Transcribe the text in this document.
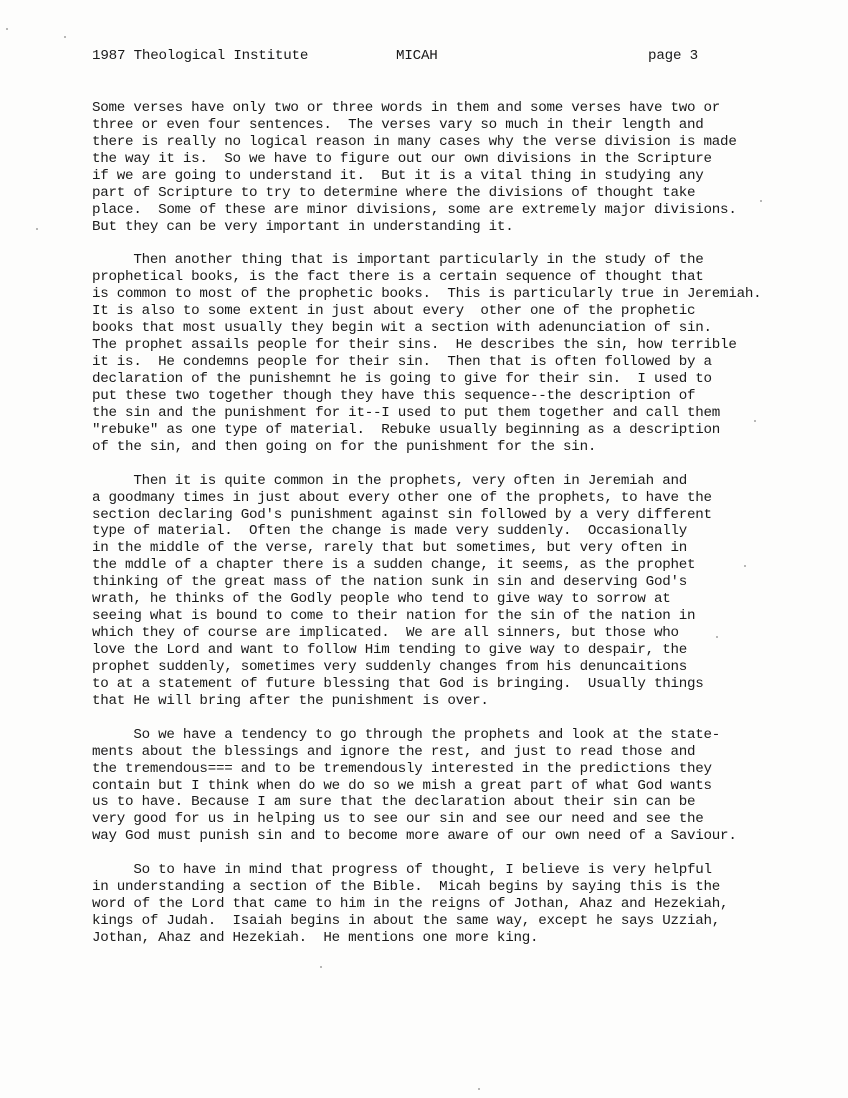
1987 Theological Institute	MICAH	page 3
Some verses have only two or three words in them and some verses have two or
three or even four sentences.  The verses vary so much in their length and
there is really no logical reason in many cases why the verse division is made
the way it is.  So we have to figure out our own divisions in the Scripture
if we are going to understand it.  But it is a vital thing in studying any
part of Scripture to try to determine where the divisions of thought take
place.  Some of these are minor divisions, some are extremely major divisions.
But they can be very important in understanding it.
Then another thing that is important particularly in the study of the
prophetical books, is the fact there is a certain sequence of thought that
is common to most of the prophetic books.  This is particularly true in Jeremiah.
It is also to some extent in just about every  other one of the prophetic
books that most usually they begin wit a section with adenunciation of sin.
The prophet assails people for their sins.  He describes the sin, how terrible
it is.  He condemns people for their sin.  Then that is often followed by a
declaration of the punishemnt he is going to give for their sin.  I used to
put these two together though they have this sequence--the description of
the sin and the punishment for it--I used to put them together and call them
"rebuke" as one type of material.  Rebuke usually beginning as a description
of the sin, and then going on for the punishment for the sin.
Then it is quite common in the prophets, very often in Jeremiah and
a goodmany times in just about every other one of the prophets, to have the
section declaring God's punishment against sin followed by a very different
type of material.  Often the change is made very suddenly.  Occasionally
in the middle of the verse, rarely that but sometimes, but very often in
the mddle of a chapter there is a sudden change, it seems, as the prophet
thinking of the great mass of the nation sunk in sin and deserving God's
wrath, he thinks of the Godly people who tend to give way to sorrow at
seeing what is bound to come to their nation for the sin of the nation in
which they of course are implicated.  We are all sinners, but those who
love the Lord and want to follow Him tending to give way to despair, the
prophet suddenly, sometimes very suddenly changes from his denuncaitions
to at a statement of future blessing that God is bringing.  Usually things
that He will bring after the punishment is over.
So we have a tendency to go through the prophets and look at the state-
ments about the blessings and ignore the rest, and just to read those and
the tremendous=== and to be tremendously interested in the predictions they
contain but I think when do we do so we mish a great part of what God wants
us to have. Because I am sure that the declaration about their sin can be
very good for us in helping us to see our sin and see our need and see the
way God must punish sin and to become more aware of our own need of a Saviour.
So to have in mind that progress of thought, I believe is very helpful
in understanding a section of the Bible.  Micah begins by saying this is the
word of the Lord that came to him in the reigns of Jothan, Ahaz and Hezekiah,
kings of Judah.  Isaiah begins in about the same way, except he says Uzziah,
Jothan, Ahaz and Hezekiah.  He mentions one more king.
